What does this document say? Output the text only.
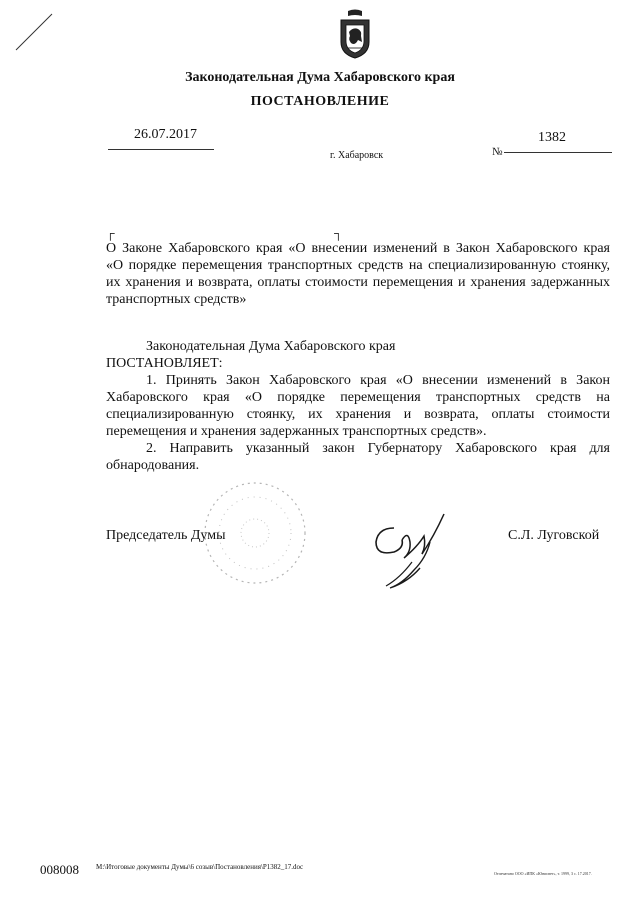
Законодательная Дума Хабаровского края
ПОСТАНОВЛЕНИЕ
26.07.2017
г. Хабаровск	№
1382
┌	┐
О Законе Хабаровского края «О внесении изменений в Закон Хабаровского края
«О порядке перемещения транспортных средств на специализированную стоянку,
их хранения и возврата, оплаты стоимости перемещения и хранения задержанных
транспортных средств»
Законодательная Дума Хабаровского края
ПОСТАНОВЛЯЕТ:
1. Принять Закон Хабаровского края «О внесении изменений в Закон
Хабаровского края «О порядке перемещения транспортных средств на
специализированную стоянку, их хранения и возврата, оплаты стоимости
перемещения и хранения задержанных транспортных средств».
2. Направить указанный закон Губернатору Хабаровского края для
обнародования.
Председатель Думы	С.Л. Луговской
008008 M:\Итоговые документы Думы\6 созыв\Постановления\P1382_17.doc
Отпечатано ООО «ИПК «Юнисвет», т. 1999, 3 с. 17.2017.
